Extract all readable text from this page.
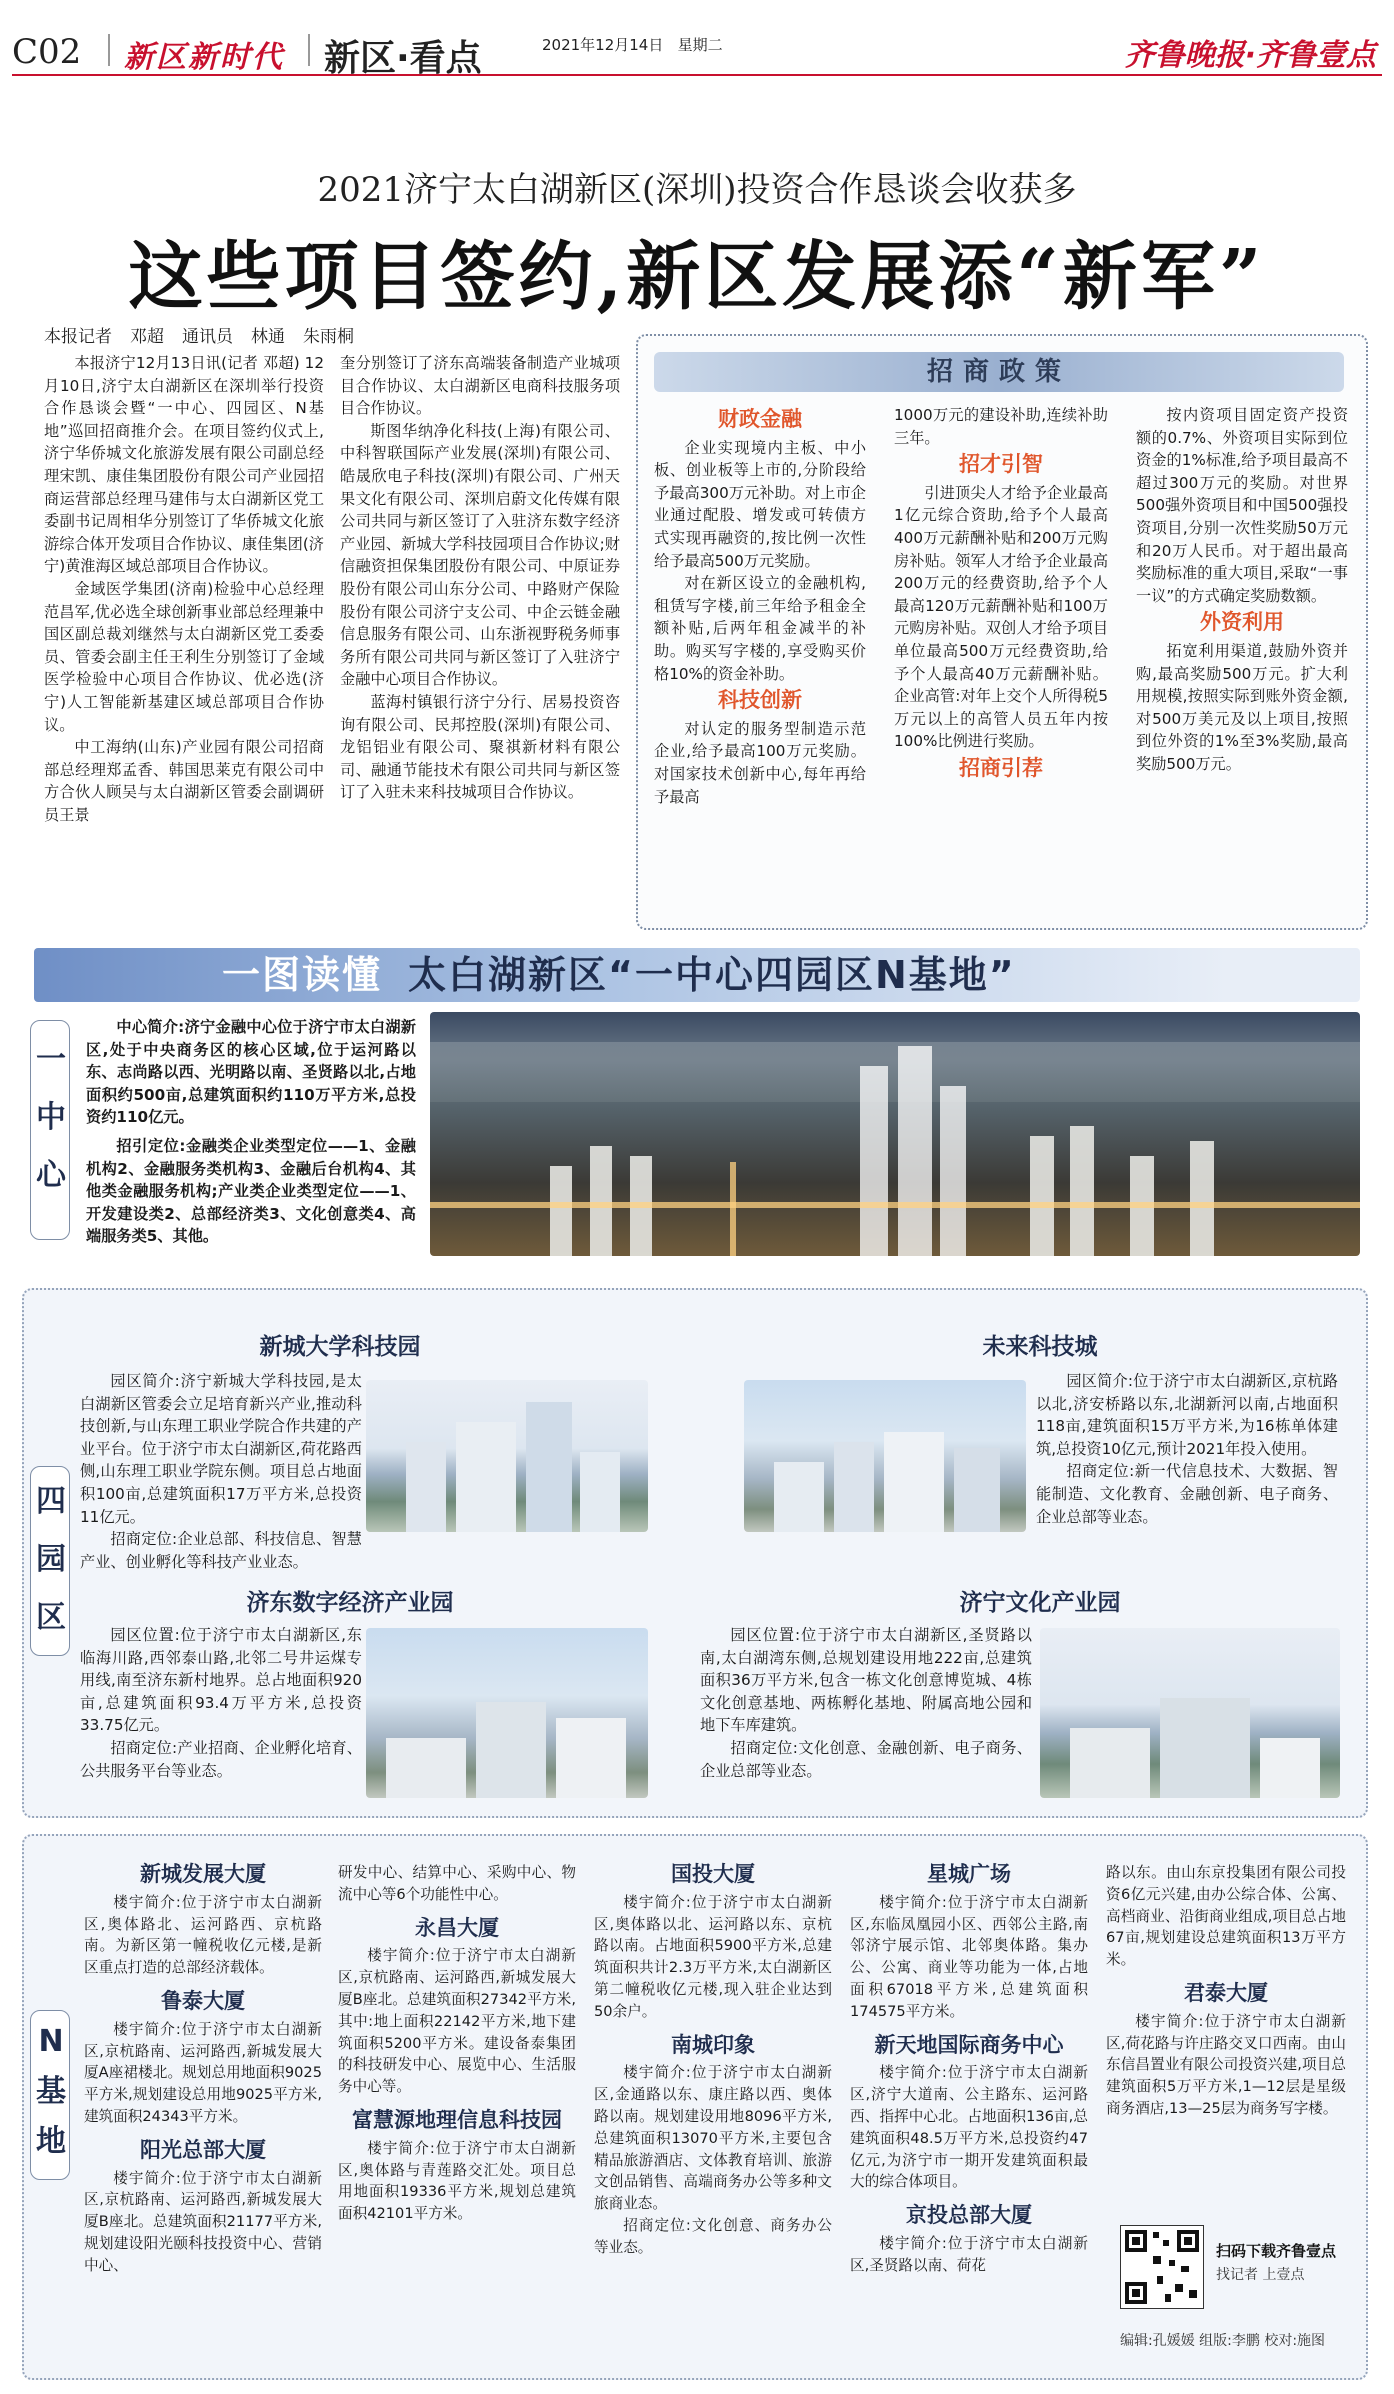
C02 新区新时代 新区·看点	2021年12月14日 星期二	齐鲁晚报·齐鲁壹点
2021济宁太白湖新区(深圳)投资合作恳谈会收获多
这些项目签约,新区发展添“新军”
本报记者 邓超 通讯员 林通 朱雨桐

本报济宁12月13日讯(记者 邓超) 12月10日,济宁太白湖新区在深圳举行投资合作恳谈会暨“一中心、四园区、N基地”巡回招商推介会。在项目签约仪式上,济宁华侨城文化旅游发展有限公司副总经理宋凯、康佳集团股份有限公司产业园招商运营部总经理马建伟与太白湖新区党工委副书记周相华分别签订了华侨城文化旅游综合体开发项目合作协议、康佳集团(济宁)黄淮海区域总部项目合作协议。

金域医学集团(济南)检验中心总经理范昌军,优必选全球创新事业部总经理兼中国区副总裁刘继然与太白湖新区党工委委员、管委会副主任王利生分别签订了金域医学检验中心项目合作协议、优必选(济宁)人工智能新基建区域总部项目合作协议。

中工海纳(山东)产业园有限公司招商部总经理郑孟香、韩国思莱克有限公司中方合伙人顾吴与太白湖新区管委会副调研员王景

奎分别签订了济东高端装备制造产业城项目合作协议、太白湖新区电商科技服务项目合作协议。

斯图华纳净化科技(上海)有限公司、中科智联国际产业发展(深圳)有限公司、皓晟欣电子科技(深圳)有限公司、广州天果文化有限公司、深圳启蔚文化传媒有限公司共同与新区签订了入驻济东数字经济产业园、新城大学科技园项目合作协议;财信融资担保集团股份有限公司、中原证券股份有限公司山东分公司、中路财产保险股份有限公司济宁支公司、中企云链金融信息服务有限公司、山东浙视野税务师事务所有限公司共同与新区签订了入驻济宁金融中心项目合作协议。

蓝海村镇银行济宁分行、居易投资咨询有限公司、民邦控股(深圳)有限公司、龙铝铝业有限公司、聚祺新材料有限公司、融通节能技术有限公司共同与新区签订了入驻未来科技城项目合作协议。

招商政策

财政金融

企业实现境内主板、中小板、创业板等上市的,分阶段给予最高300万元补助。对上市企业通过配股、增发或可转债方式实现再融资的,按比例一次性给予最高500万元奖励。

对在新区设立的金融机构,租赁写字楼,前三年给予租金全额补贴,后两年租金减半的补助。购买写字楼的,享受购买价格10%的资金补助。

科技创新

对认定的服务型制造示范企业,给予最高100万元奖励。对国家技术创新中心,每年再给予最高

1000万元的建设补助,连续补助三年。

招才引智

引进顶尖人才给予企业最高1亿元综合资助,给予个人最高400万元薪酬补贴和200万元购房补贴。领军人才给予企业最高200万元的经费资助,给予个人最高120万元薪酬补贴和100万元购房补贴。双创人才给予项目单位最高500万元经费资助,给予个人最高40万元薪酬补贴。企业高管:对年上交个人所得税5万元以上的高管人员五年内按100%比例进行奖励。

招商引荐

按内资项目固定资产投资额的0.7%、外资项目实际到位资金的1%标准,给予项目最高不超过300万元的奖励。对世界500强外资项目和中国500强投资项目,分别一次性奖励50万元和20万人民币。对于超出最高奖励标准的重大项目,采取“一事一议”的方式确定奖励数额。

外资利用

拓宽利用渠道,鼓励外资并购,最高奖励500万元。扩大利用规模,按照实际到账外资金额,对500万美元及以上项目,按照到位外资的1%至3%奖励,最高奖励500万元。

一图读懂 太白湖新区“一中心四园区N基地”
一中心

中心简介:济宁金融中心位于济宁市太白湖新区,处于中央商务区的核心区域,位于运河路以东、志尚路以西、光明路以南、圣贤路以北,占地面积约500亩,总建筑面积约110万平方米,总投资约110亿元。

招引定位:金融类企业类型定位——1、金融机构2、金融服务类机构3、金融后台机构4、其他类金融服务机构;产业类企业类型定位——1、开发建设类2、总部经济类3、文化创意类4、高端服务类5、其他。

四园区
新城大学科技园

园区简介:济宁新城大学科技园,是太白湖新区管委会立足培育新兴产业,推动科技创新,与山东理工职业学院合作共建的产业平台。位于济宁市太白湖新区,荷花路西侧,山东理工职业学院东侧。项目总占地面积100亩,总建筑面积17万平方米,总投资11亿元。

招商定位:企业总部、科技信息、智慧产业、创业孵化等科技产业业态。

未来科技城

园区简介:位于济宁市太白湖新区,京杭路以北,济安桥路以东,北湖新河以南,占地面积118亩,建筑面积15万平方米,为16栋单体建筑,总投资10亿元,预计2021年投入使用。

招商定位:新一代信息技术、大数据、智能制造、文化教育、金融创新、电子商务、企业总部等业态。

济东数字经济产业园

园区位置:位于济宁市太白湖新区,东临海川路,西邻泰山路,北邻二号井运煤专用线,南至济东新村地界。总占地面积920亩,总建筑面积93.4万平方米,总投资33.75亿元。

招商定位:产业招商、企业孵化培育、公共服务平台等业态。

济宁文化产业园

园区位置:位于济宁市太白湖新区,圣贤路以南,太白湖湾东侧,总规划建设用地222亩,总建筑面积36万平方米,包含一栋文化创意博览城、4栋文化创意基地、两栋孵化基地、附属高地公园和地下车库建筑。

招商定位:文化创意、金融创新、电子商务、企业总部等业态。

N基地

新城发展大厦

楼宇简介:位于济宁市太白湖新区,奥体路北、运河路西、京杭路南。为新区第一幢税收亿元楼,是新区重点打造的总部经济载体。

鲁泰大厦

楼宇简介:位于济宁市太白湖新区,京杭路南、运河路西,新城发展大厦A座裙楼北。规划总用地面积9025平方米,规划建设总用地9025平方米,建筑面积24343平方米。

阳光总部大厦

楼宇简介:位于济宁市太白湖新区,京杭路南、运河路西,新城发展大厦B座北。总建筑面积21177平方米,规划建设阳光颐科技投资中心、营销中心、

研发中心、结算中心、采购中心、物流中心等6个功能性中心。

永昌大厦

楼宇简介:位于济宁市太白湖新区,京杭路南、运河路西,新城发展大厦B座北。总建筑面积27342平方米,其中:地上面积22142平方米,地下建筑面积5200平方米。建设备泰集团的科技研发中心、展览中心、生活服务中心等。

富慧源地理信息科技园

楼宇简介:位于济宁市太白湖新区,奥体路与青莲路交汇处。项目总用地面积19336平方米,规划总建筑面积42101平方米。

国投大厦

楼宇简介:位于济宁市太白湖新区,奥体路以北、运河路以东、京杭路以南。占地面积5900平方米,总建筑面积共计2.3万平方米,太白湖新区第二幢税收亿元楼,现入驻企业达到50余户。

南城印象

楼宇简介:位于济宁市太白湖新区,金通路以东、康庄路以西、奥体路以南。规划建设用地8096平方米,总建筑面积13070平方米,主要包含精品旅游酒店、文体教育培训、旅游文创品销售、高端商务办公等多种文旅商业态。

招商定位:文化创意、商务办公等业态。

星城广场

楼宇简介:位于济宁市太白湖新区,东临凤凰园小区、西邻公主路,南邻济宁展示馆、北邻奥体路。集办公、公寓、商业等功能为一体,占地面积67018平方米,总建筑面积174575平方米。

新天地国际商务中心

楼宇简介:位于济宁市太白湖新区,济宁大道南、公主路东、运河路西、指挥中心北。占地面积136亩,总建筑面积48.5万平方米,总投资约47亿元,为济宁市一期开发建筑面积最大的综合体项目。

京投总部大厦

楼宇简介:位于济宁市太白湖新区,圣贤路以南、荷花

路以东。由山东京投集团有限公司投资6亿元兴建,由办公综合体、公寓、高档商业、沿街商业组成,项目总占地67亩,规划建设总建筑面积13万平方米。

君泰大厦

楼宇简介:位于济宁市太白湖新区,荷花路与许庄路交叉口西南。由山东信昌置业有限公司投资兴建,项目总建筑面积5万平方米,1—12层是星级商务酒店,13—25层为商务写字楼。

扫码下载齐鲁壹点
找记者 上壹点
编辑:孔媛媛 组版:李鹏 校对:施图
